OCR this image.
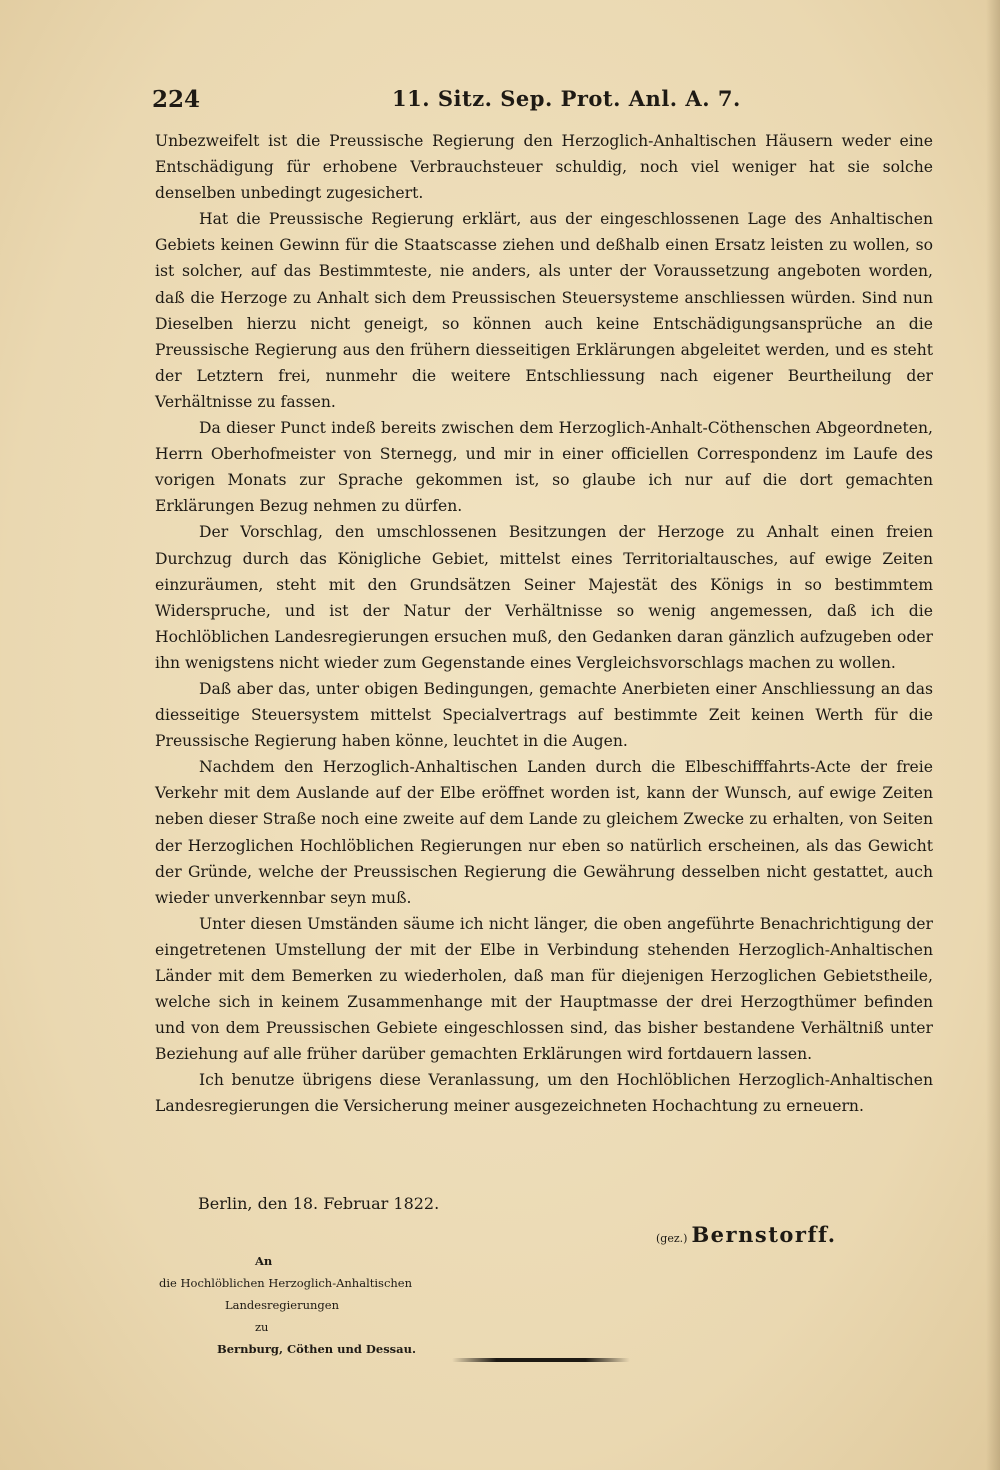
224	11. Sitz. Sep. Prot. Anl. A. 7.

Unbezweifelt ist die Preussische Regierung den Herzoglich-Anhaltischen Häusern weder eine Entschädigung für erhobene Verbrauchsteuer schuldig, noch viel weniger hat sie solche denselben unbedingt zugesichert.

Hat die Preussische Regierung erklärt, aus der eingeschlossenen Lage des Anhaltischen Gebiets keinen Gewinn für die Staatscasse ziehen und deßhalb einen Ersatz leisten zu wollen, so ist solcher, auf das Bestimmteste, nie anders, als unter der Voraussetzung angeboten worden, daß die Herzoge zu Anhalt sich dem Preussischen Steuersysteme anschliessen würden. Sind nun Dieselben hierzu nicht geneigt, so können auch keine Entschädigungsansprüche an die Preussische Regierung aus den frühern diesseitigen Erklärungen abgeleitet werden, und es steht der Letztern frei, nunmehr die weitere Entschliessung nach eigener Beurtheilung der Verhältnisse zu fassen.

Da dieser Punct indeß bereits zwischen dem Herzoglich-Anhalt-Cöthenschen Abgeordneten, Herrn Oberhofmeister von Sternegg, und mir in einer officiellen Correspondenz im Laufe des vorigen Monats zur Sprache gekommen ist, so glaube ich nur auf die dort gemachten Erklärungen Bezug nehmen zu dürfen.

Der Vorschlag, den umschlossenen Besitzungen der Herzoge zu Anhalt einen freien Durchzug durch das Königliche Gebiet, mittelst eines Territorialtausches, auf ewige Zeiten einzuräumen, steht mit den Grundsätzen Seiner Majestät des Königs in so bestimmtem Widerspruche, und ist der Natur der Verhältnisse so wenig angemessen, daß ich die Hochlöblichen Landesregierungen ersuchen muß, den Gedanken daran gänzlich aufzugeben oder ihn wenigstens nicht wieder zum Gegenstande eines Vergleichsvorschlags machen zu wollen.

Daß aber das, unter obigen Bedingungen, gemachte Anerbieten einer Anschliessung an das diesseitige Steuersystem mittelst Specialvertrags auf bestimmte Zeit keinen Werth für die Preussische Regierung haben könne, leuchtet in die Augen.

Nachdem den Herzoglich-Anhaltischen Landen durch die Elbeschifffahrts-Acte der freie Verkehr mit dem Auslande auf der Elbe eröffnet worden ist, kann der Wunsch, auf ewige Zeiten neben dieser Straße noch eine zweite auf dem Lande zu gleichem Zwecke zu erhalten, von Seiten der Herzoglichen Hochlöblichen Regierungen nur eben so natürlich erscheinen, als das Gewicht der Gründe, welche der Preussischen Regierung die Gewährung desselben nicht gestattet, auch wieder unverkennbar seyn muß.

Unter diesen Umständen säume ich nicht länger, die oben angeführte Benachrichtigung der eingetretenen Umstellung der mit der Elbe in Verbindung stehenden Herzoglich-Anhaltischen Länder mit dem Bemerken zu wiederholen, daß man für diejenigen Herzoglichen Gebietstheile, welche sich in keinem Zusammenhange mit der Hauptmasse der drei Herzogthümer befinden und von dem Preussischen Gebiete eingeschlossen sind, das bisher bestandene Verhältniß unter Beziehung auf alle früher darüber gemachten Erklärungen wird fortdauern lassen.

Ich benutze übrigens diese Veranlassung, um den Hochlöblichen Herzoglich-Anhaltischen Landesregierungen die Versicherung meiner ausgezeichneten Hochachtung zu erneuern.

Berlin, den 18. Februar 1822.
(gez.) Bernstorff.
An
die Hochlöblichen Herzoglich-Anhaltischen
Landesregierungen
zu
Bernburg, Cöthen und Dessau.
